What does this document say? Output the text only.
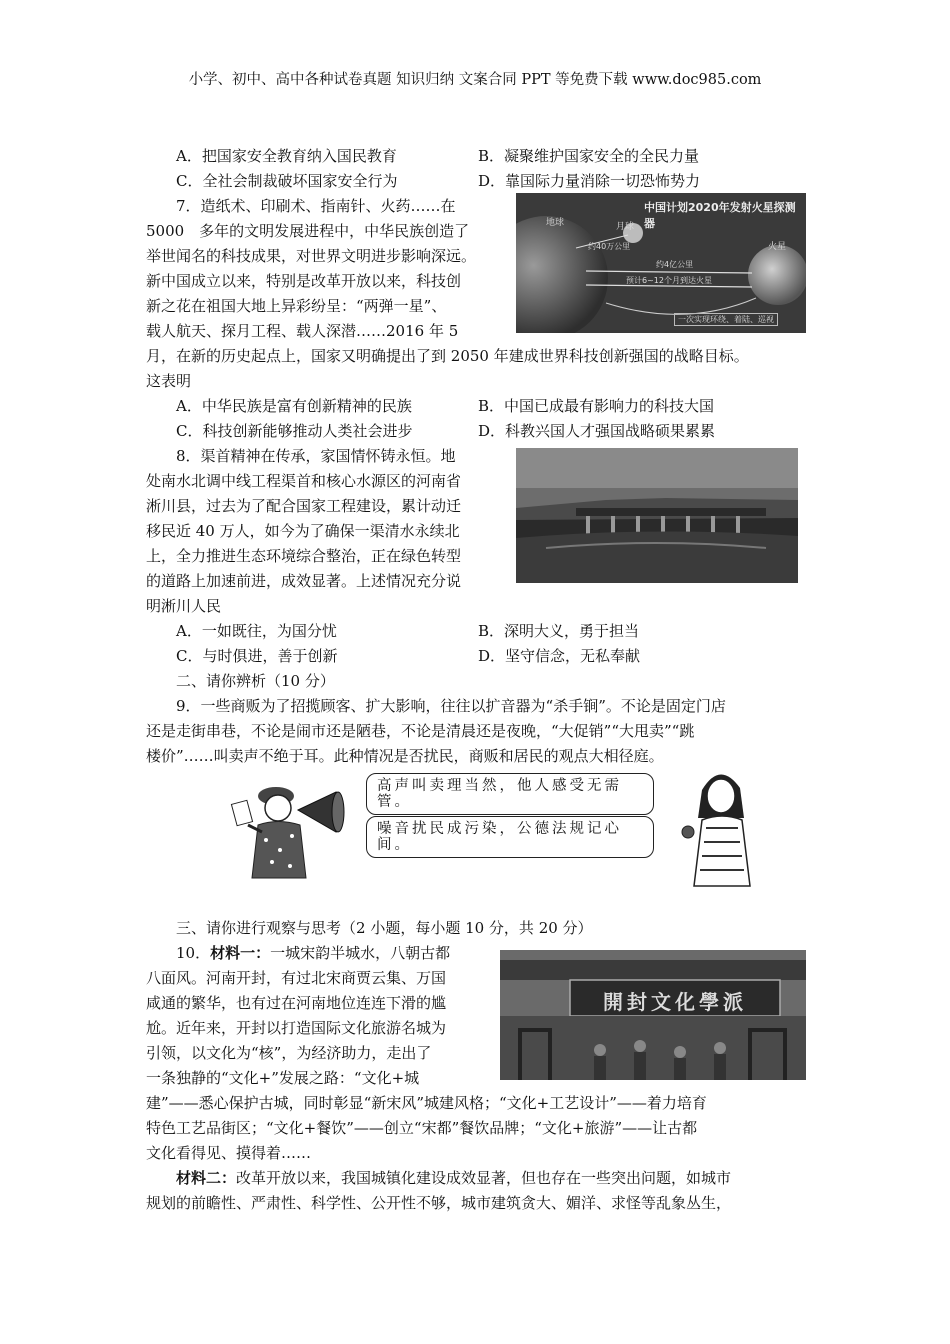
小学、初中、高中各种试卷真题 知识归纳 文案合同 PPT 等免费下载 www.doc985.com
A．把国家安全教育纳入国民教育	B．凝聚维护国家安全的全民力量
C．全社会制裁破坏国家安全行为	D．靠国际力量消除一切恐怖势力
7．造纸术、印刷术、指南针、火药……在
5000　多年的文明发展进程中，中华民族创造了
举世闻名的科技成果，对世界文明进步影响深远。
新中国成立以来，特别是改革开放以来，科技创
新之花在祖国大地上异彩纷呈：“两弹一星”、
载人航天、探月工程、载人深潜……2016 年 5
月，在新的历史起点上，国家又明确提出了到 2050 年建成世界科技创新强国的战略目标。
这表明
中国计划2020年发射火星探测器
地球	月球
火星
约40万公里
约4亿公里
预计6~12个月到达火星
一次实现环绕、着陆、巡视
A．中华民族是富有创新精神的民族	B．中国已成最有影响力的科技大国
C．科技创新能够推动人类社会进步	D．科教兴国人才强国战略硕果累累
8．渠首精神在传承，家国情怀铸永恒。地
处南水北调中线工程渠首和核心水源区的河南省
淅川县，过去为了配合国家工程建设，累计动迁
移民近 40 万人，如今为了确保一渠清水永续北
上，全力推进生态环境综合整治，正在绿色转型
的道路上加速前进，成效显著。上述情况充分说
明淅川人民
A．一如既往，为国分忧	B．深明大义，勇于担当
C．与时俱进，善于创新	D．坚守信念，无私奉献
二、请你辨析（10 分）
9．一些商贩为了招揽顾客、扩大影响，往往以扩音器为“杀手锏”。不论是固定门店
还是走街串巷，不论是闹市还是陋巷，不论是清晨还是夜晚，“大促销”“大甩卖”“跳
楼价”……叫卖声不绝于耳。此种情况是否扰民，商贩和居民的观点大相径庭。
高声叫卖理当然，他人感受无需管。
噪音扰民成污染，公德法规记心间。
三、请你进行观察与思考（2 小题，每小题 10 分，共 20 分）
10．材料一：一城宋韵半城水，八朝古都
八面风。河南开封，有过北宋商贾云集、万国
咸通的繁华，也有过在河南地位连连下滑的尴
尬。近年来，开封以打造国际文化旅游名城为
引领，以文化为“核”，为经济助力，走出了
一条独静的“文化+”发展之路：“文化+城
建”——悉心保护古城，同时彰显“新宋风”城建风格；“文化+工艺设计”——着力培育
特色工艺品街区；“文化+餐饮”——创立“宋都”餐饮品牌；“文化+旅游”——让古都
文化看得见、摸得着……
開封文化學派
材料二：改革开放以来，我国城镇化建设成效显著，但也存在一些突出问题，如城市
规划的前瞻性、严肃性、科学性、公开性不够，城市建筑贪大、媚洋、求怪等乱象丛生，
